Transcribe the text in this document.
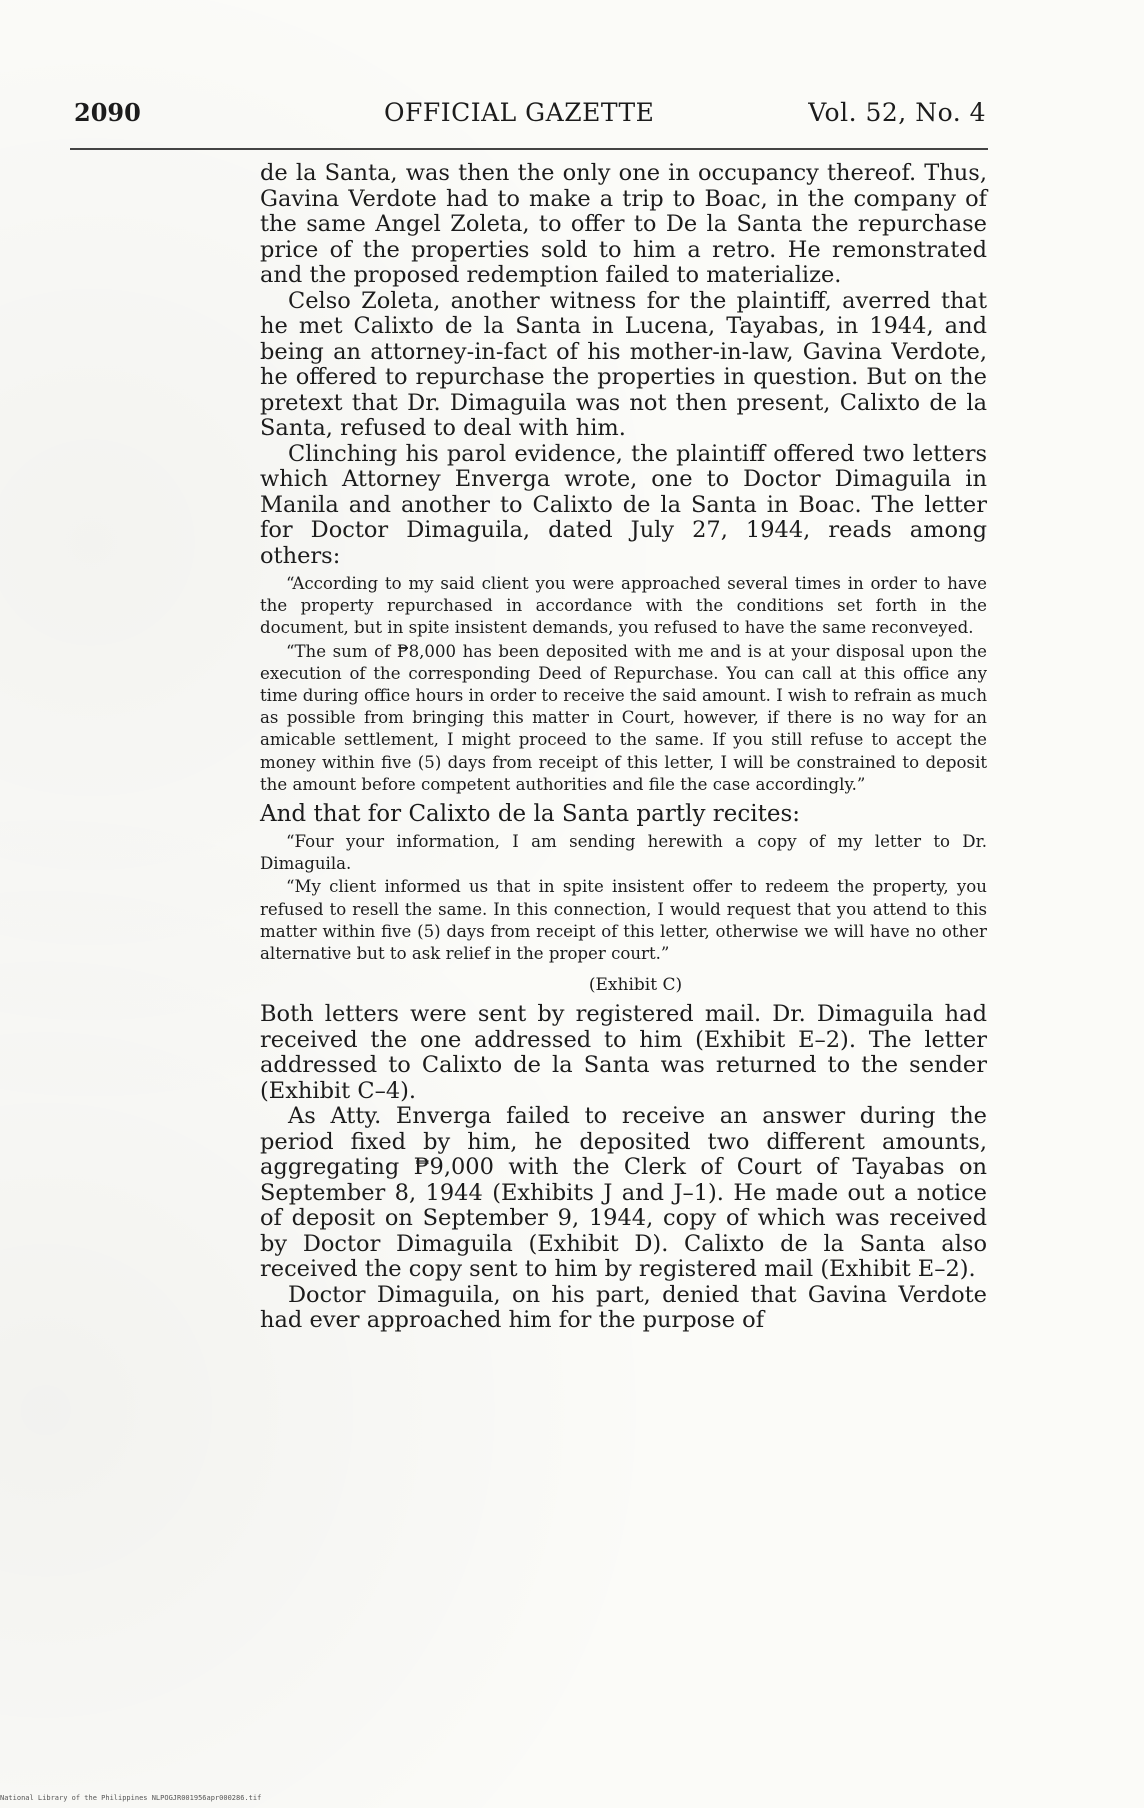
2090	OFFICIAL GAZETTE	Vol. 52, No. 4

de la Santa, was then the only one in occupancy thereof. Thus, Gavina Verdote had to make a trip to Boac, in the company of the same Angel Zoleta, to offer to De la Santa the repurchase price of the properties sold to him a retro. He remonstrated and the proposed redemption failed to materialize.

Celso Zoleta, another witness for the plaintiff, averred that he met Calixto de la Santa in Lucena, Tayabas, in 1944, and being an attorney-in-fact of his mother-in-law, Gavina Verdote, he offered to repurchase the properties in question. But on the pretext that Dr. Dimaguila was not then present, Calixto de la Santa, refused to deal with him.

Clinching his parol evidence, the plaintiff offered two letters which Attorney Enverga wrote, one to Doctor Dimaguila in Manila and another to Calixto de la Santa in Boac. The letter for Doctor Dimaguila, dated July 27, 1944, reads among others:

“According to my said client you were approached several times in order to have the property repurchased in accordance with the conditions set forth in the document, but in spite insistent demands, you refused to have the same reconveyed.

“The sum of ₱8,000 has been deposited with me and is at your disposal upon the execution of the corresponding Deed of Repurchase. You can call at this office any time during office hours in order to receive the said amount. I wish to refrain as much as possible from bringing this matter in Court, however, if there is no way for an amicable settlement, I might proceed to the same. If you still refuse to accept the money within five (5) days from receipt of this letter, I will be constrained to deposit the amount before competent authorities and file the case accordingly.”

And that for Calixto de la Santa partly recites:

“Four your information, I am sending herewith a copy of my letter to Dr. Dimaguila.

“My client informed us that in spite insistent offer to redeem the property, you refused to resell the same. In this connection, I would request that you attend to this matter within five (5) days from receipt of this letter, otherwise we will have no other alternative but to ask relief in the proper court.”

(Exhibit C)

Both letters were sent by registered mail. Dr. Dimaguila had received the one addressed to him (Exhibit E–2). The letter addressed to Calixto de la Santa was returned to the sender (Exhibit C–4).

As Atty. Enverga failed to receive an answer during the period fixed by him, he deposited two different amounts, aggregating ₱9,000 with the Clerk of Court of Tayabas on September 8, 1944 (Exhibits J and J–1). He made out a notice of deposit on September 9, 1944, copy of which was received by Doctor Dimaguila (Exhibit D). Calixto de la Santa also received the copy sent to him by registered mail (Exhibit E–2).

Doctor Dimaguila, on his part, denied that Gavina Verdote had ever approached him for the purpose of

National Library of the Philippines NLPOGJR001956apr000286.tif
